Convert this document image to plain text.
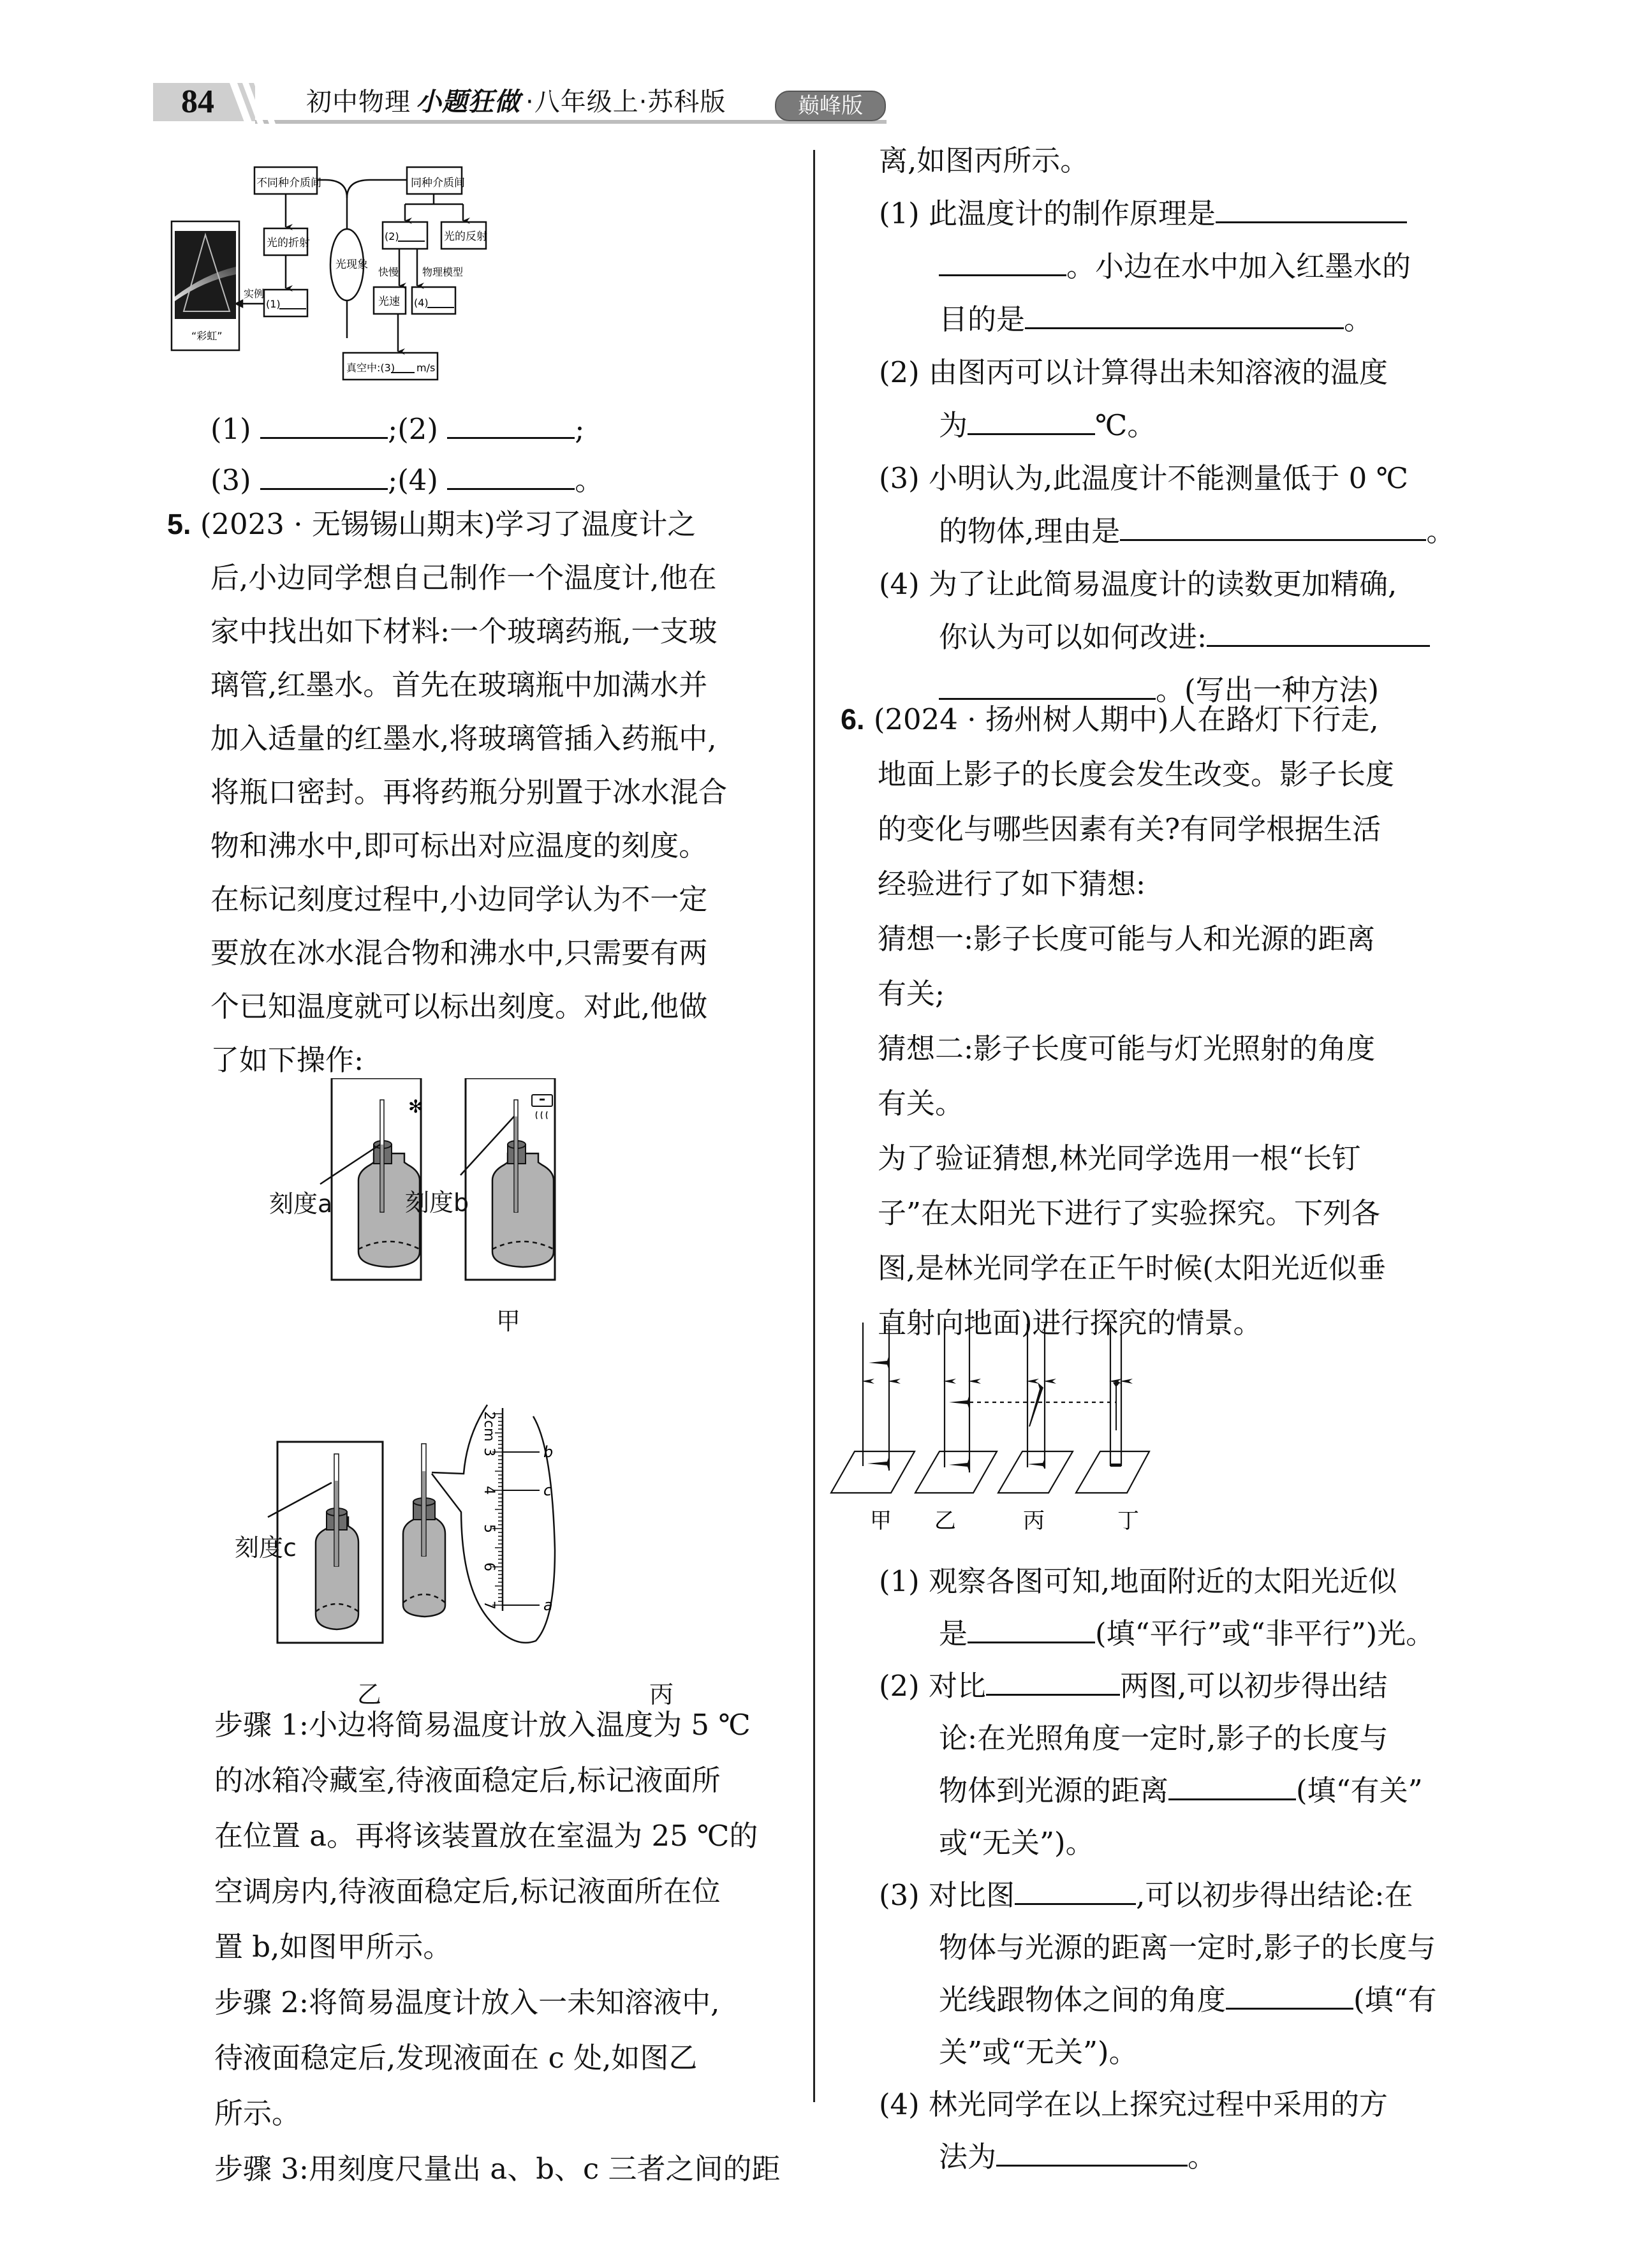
84	初中物理 小题狂做 ·八年级上·苏科版	巅峰版
不同种介质间	同种介质间
光的折射	光的反射
(1)
(2)
(4)
光现象
实例
快慢 物理模型
光速
真空中:(3) m/s
“彩虹”
(1)	;(2)	;
(3)	;(4)	。
5. (2023 · 无锡锡山期末)学习了温度计之
后,小边同学想自己制作一个温度计,他在
家中找出如下材料:一个玻璃药瓶,一支玻
璃管,红墨水。首先在玻璃瓶中加满水并
加入适量的红墨水,将玻璃管插入药瓶中,
将瓶口密封。再将药瓶分别置于冰水混合
物和沸水中,即可标出对应温度的刻度。
在标记刻度过程中,小边同学认为不一定
要放在冰水混合物和沸水中,只需要有两
个已知温度就可以标出刻度。对此,他做
了如下操作:
✻
刻度a	刻度b
甲
2cm
3
4
5
6
7
b
c
a
刻度c
乙	丙
步骤 1:小边将简易温度计放入温度为 5 ℃
的冰箱冷藏室,待液面稳定后,标记液面所
在位置 a。再将该装置放在室温为 25 ℃的
空调房内,待液面稳定后,标记液面所在位
置 b,如图甲所示。
步骤 2:将简易温度计放入一未知溶液中,
待液面稳定后,发现液面在 c 处,如图乙
所示。
步骤 3:用刻度尺量出 a、b、c 三者之间的距
离,如图丙所示。
(1) 此温度计的制作原理是
。小边在水中加入红墨水的
目的是	。
(2) 由图丙可以计算得出未知溶液的温度
为	℃。
(3) 小明认为,此温度计不能测量低于 0 ℃
的物体,理由是	。
(4) 为了让此简易温度计的读数更加精确,
你认为可以如何改进:
。(写出一种方法)
6. (2024 · 扬州树人期中)人在路灯下行走,
地面上影子的长度会发生改变。影子长度
的变化与哪些因素有关?有同学根据生活
经验进行了如下猜想:
猜想一:影子长度可能与人和光源的距离
有关;
猜想二:影子长度可能与灯光照射的角度
有关。
为了验证猜想,林光同学选用一根“长钉
子”在太阳光下进行了实验探究。下列各
图,是林光同学在正午时候(太阳光近似垂
直射向地面)进行探究的情景。
甲 乙	丙	丁
(1) 观察各图可知,地面附近的太阳光近似
是	(填“平行”或“非平行”)光。
(2) 对比	两图,可以初步得出结
论:在光照角度一定时,影子的长度与
物体到光源的距离	(填“有关”
或“无关”)。
(3) 对比图	,可以初步得出结论:在
物体与光源的距离一定时,影子的长度与
光线跟物体之间的角度	(填“有
关”或“无关”)。
(4) 林光同学在以上探究过程中采用的方
法为	。
